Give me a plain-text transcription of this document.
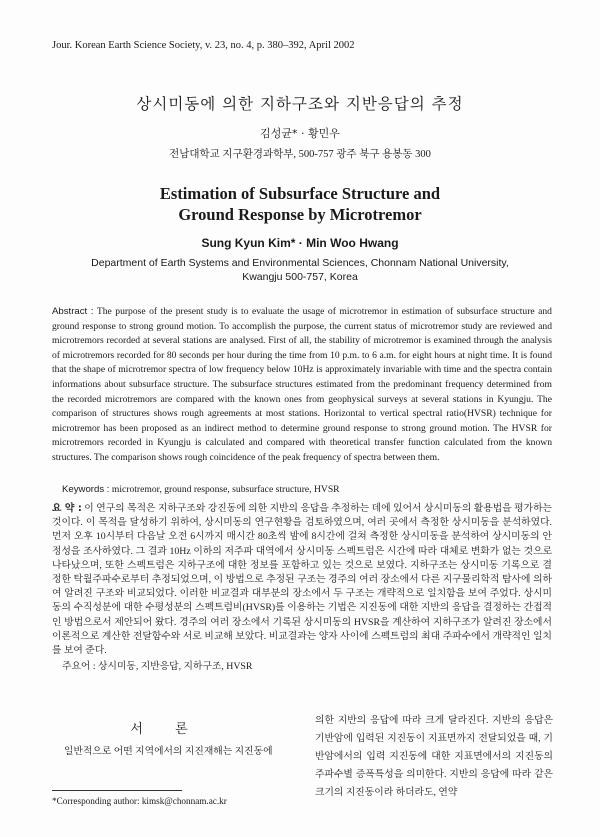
Jour. Korean Earth Science Society, v. 23, no. 4, p. 380–392, April 2002
상시미동에 의한 지하구조와 지반응답의 추정
김성균* · 황민우
전남대학교 지구환경과학부, 500-757 광주 북구 용봉동 300
Estimation of Subsurface Structure and
Ground Response by Microtremor
Sung Kyun Kim* · Min Woo Hwang
Department of Earth Systems and Environmental Sciences, Chonnam National University,
Kwangju 500-757, Korea
Abstract : The purpose of the present study is to evaluate the usage of microtremor in estimation of subsurface structure and ground response to strong ground motion. To accomplish the purpose, the current status of microtremor study are reviewed and microtremors recorded at several stations are analysed. First of all, the stability of microtremor is examined through the analysis of microtremors recorded for 80 seconds per hour during the time from 10 p.m. to 6 a.m. for eight hours at night time. It is found that the shape of microtremor spectra of low frequency below 10Hz is approximately invariable with time and the spectra contain informations about subsurface structure. The subsurface structures estimated from the predominant frequency determined from the recorded microtremors are compared with the known ones from geophysical surveys at several stations in Kyungju. The comparison of structures shows rough agreements at most stations. Horizontal to vertical spectral ratio(HVSR) technique for microtremor has been proposed as an indirect method to determine ground response to strong ground motion. The HVSR for microtremors recorded in Kyungju is calculated and compared with theoretical transfer function calculated from the known structures. The comparison shows rough coincidence of the peak frequency of spectra between them.
Keywords : microtremor, ground response, subsurface structure, HVSR
요 약 : 이 연구의 목적은 지하구조와 강진동에 의한 지반의 응답을 추정하는 데에 있어서 상시미동의 활용법을 평가하는 것이다. 이 목적을 달성하기 위하여, 상시미동의 연구현황을 검토하였으며, 여러 곳에서 측정한 상시미동을 분석하였다. 먼저 오후 10시부터 다음날 오전 6시까지 매시간 80초씩 밤에 8시간에 걸쳐 측정한 상시미동을 분석하여 상시미동의 안정성을 조사하였다. 그 결과 10Hz 이하의 저주파 대역에서 상시미동 스펙트럼은 시간에 따라 대체로 변화가 없는 것으로 나타났으며, 또한 스펙트럼은 지하구조에 대한 정보를 포함하고 있는 것으로 보였다. 지하구조는 상시미동 기록으로 결정한 탁월주파수로부터 추정되었으며, 이 방법으로 추정된 구조는 경주의 여러 장소에서 다른 지구물리학적 탐사에 의하여 알려진 구조와 비교되었다. 이러한 비교결과 대부분의 장소에서 두 구조는 개략적으로 일치함을 보여 주었다. 상시미동의 수직성분에 대한 수평성분의 스펙트럼비(HVSR)를 이용하는 기법은 지진동에 대한 지반의 응답을 결정하는 간접적인 방법으로서 제안되어 왔다. 경주의 여러 장소에서 기록된 상시미동의 HVSR을 계산하여 지하구조가 알려진 장소에서 이론적으로 계산한 전달함수와 서로 비교해 보았다. 비교결과는 양자 사이에 스펙트럼의 최대 주파수에서 개략적인 일치를 보여 준다.
주요어 : 상시미동, 지반응답, 지하구조, HVSR
서 론
일반적으로 어떤 지역에서의 지진재해는 지진동에
*Corresponding author: kimsk@chonnam.ac.kr
의한 지반의 응답에 따라 크게 달라진다. 지반의 응답은 기반암에 입력된 지진동이 지표면까지 전달되었을 때, 기반암에서의 입력 지진동에 대한 지표면에서의 지진동의 주파수별 증폭특성을 의미한다. 지반의 응답에 따라 같은 크기의 지진동이라 하더라도, 연약
